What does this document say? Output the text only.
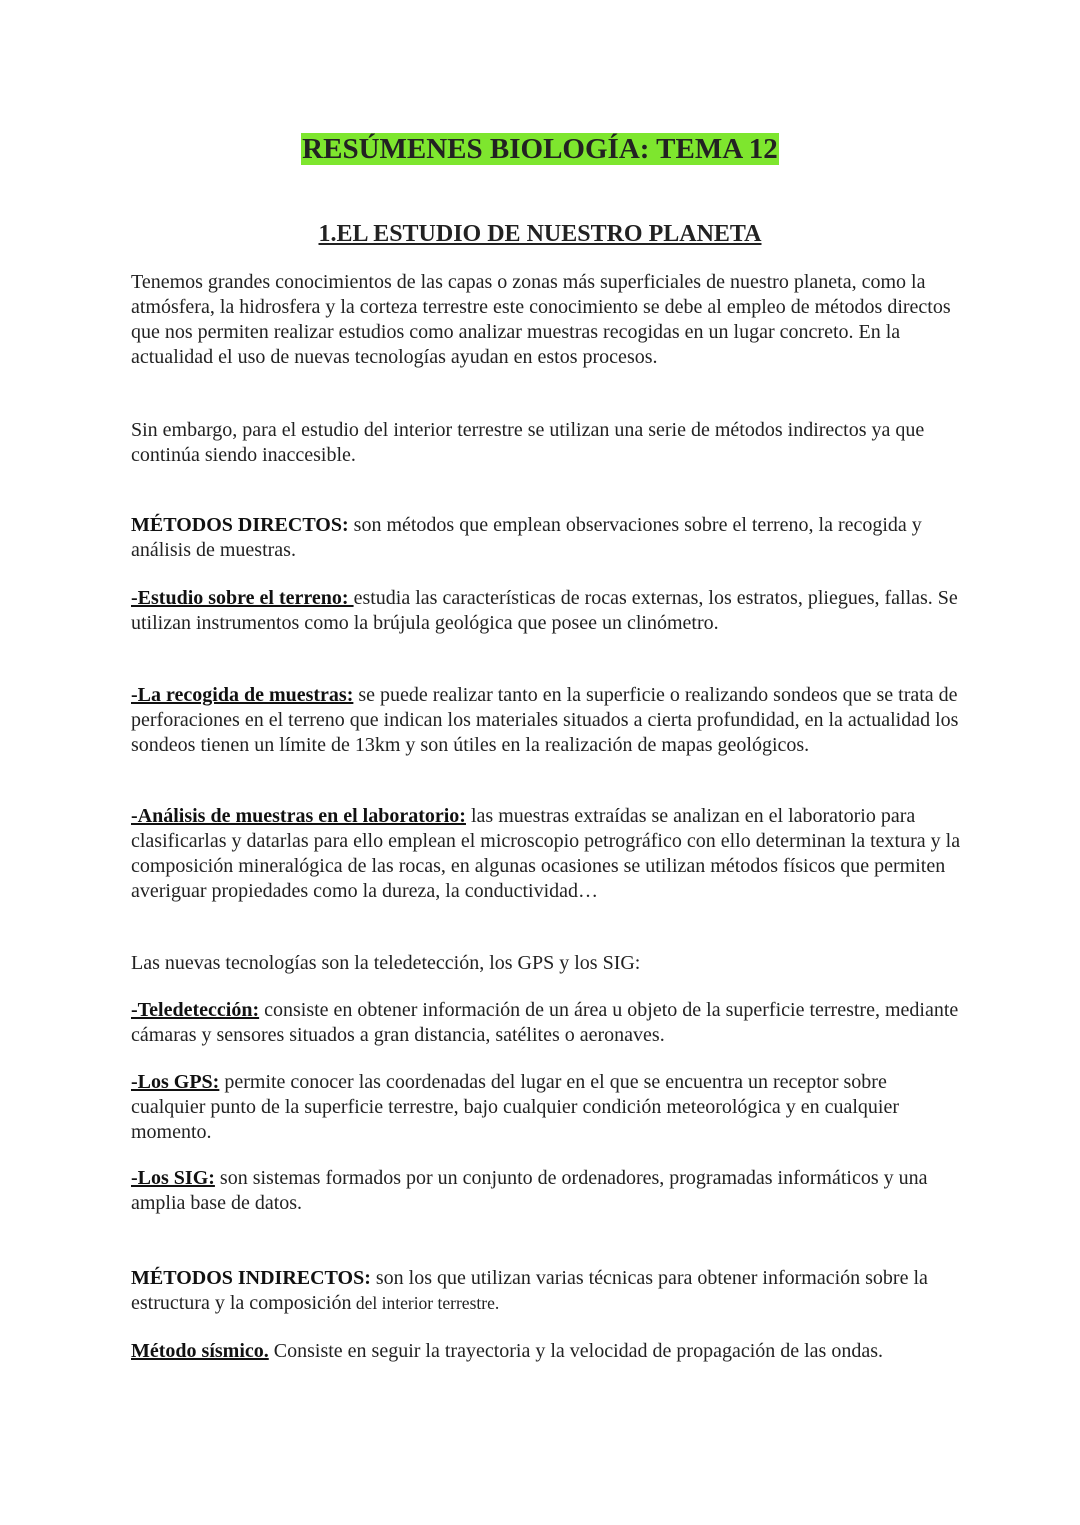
RESÚMENES BIOLOGÍA: TEMA 12
1.EL ESTUDIO DE NUESTRO PLANETA

Tenemos grandes conocimientos de las capas o zonas más superficiales de nuestro planeta, como la atmósfera, la hidrosfera y la corteza terrestre este conocimiento se debe al empleo de métodos directos que nos permiten realizar estudios como analizar muestras recogidas en un lugar concreto. En la actualidad el uso de nuevas tecnologías ayudan en estos procesos.

Sin embargo, para el estudio del interior terrestre se utilizan una serie de métodos indirectos ya que continúa siendo inaccesible.

MÉTODOS DIRECTOS: son métodos que emplean observaciones sobre el terreno, la recogida y análisis de muestras.

-Estudio sobre el terreno: estudia las características de rocas externas, los estratos, pliegues, fallas. Se utilizan instrumentos como la brújula geológica que posee un clinómetro.

-La recogida de muestras: se puede realizar tanto en la superficie o realizando sondeos que se trata de perforaciones en el terreno que indican los materiales situados a cierta profundidad, en la actualidad los sondeos tienen un límite de 13km y son útiles en la realización de mapas geológicos.

-Análisis de muestras en el laboratorio: las muestras extraídas se analizan en el laboratorio para clasificarlas y datarlas para ello emplean el microscopio petrográfico con ello determinan la textura y la composición mineralógica de las rocas, en algunas ocasiones se utilizan métodos físicos que permiten averiguar propiedades como la dureza, la conductividad…

Las nuevas tecnologías son la teledetección, los GPS y los SIG:

-Teledetección: consiste en obtener información de un área u objeto de la superficie terrestre, mediante cámaras y sensores situados a gran distancia, satélites o aeronaves.

-Los GPS: permite conocer las coordenadas del lugar en el que se encuentra un receptor sobre cualquier punto de la superficie terrestre, bajo cualquier condición meteorológica y en cualquier momento.

-Los SIG: son sistemas formados por un conjunto de ordenadores, programadas informáticos y una amplia base de datos.

MÉTODOS INDIRECTOS: son los que utilizan varias técnicas para obtener información sobre la estructura y la composición del interior terrestre.

Método sísmico. Consiste en seguir la trayectoria y la velocidad de propagación de las ondas.
